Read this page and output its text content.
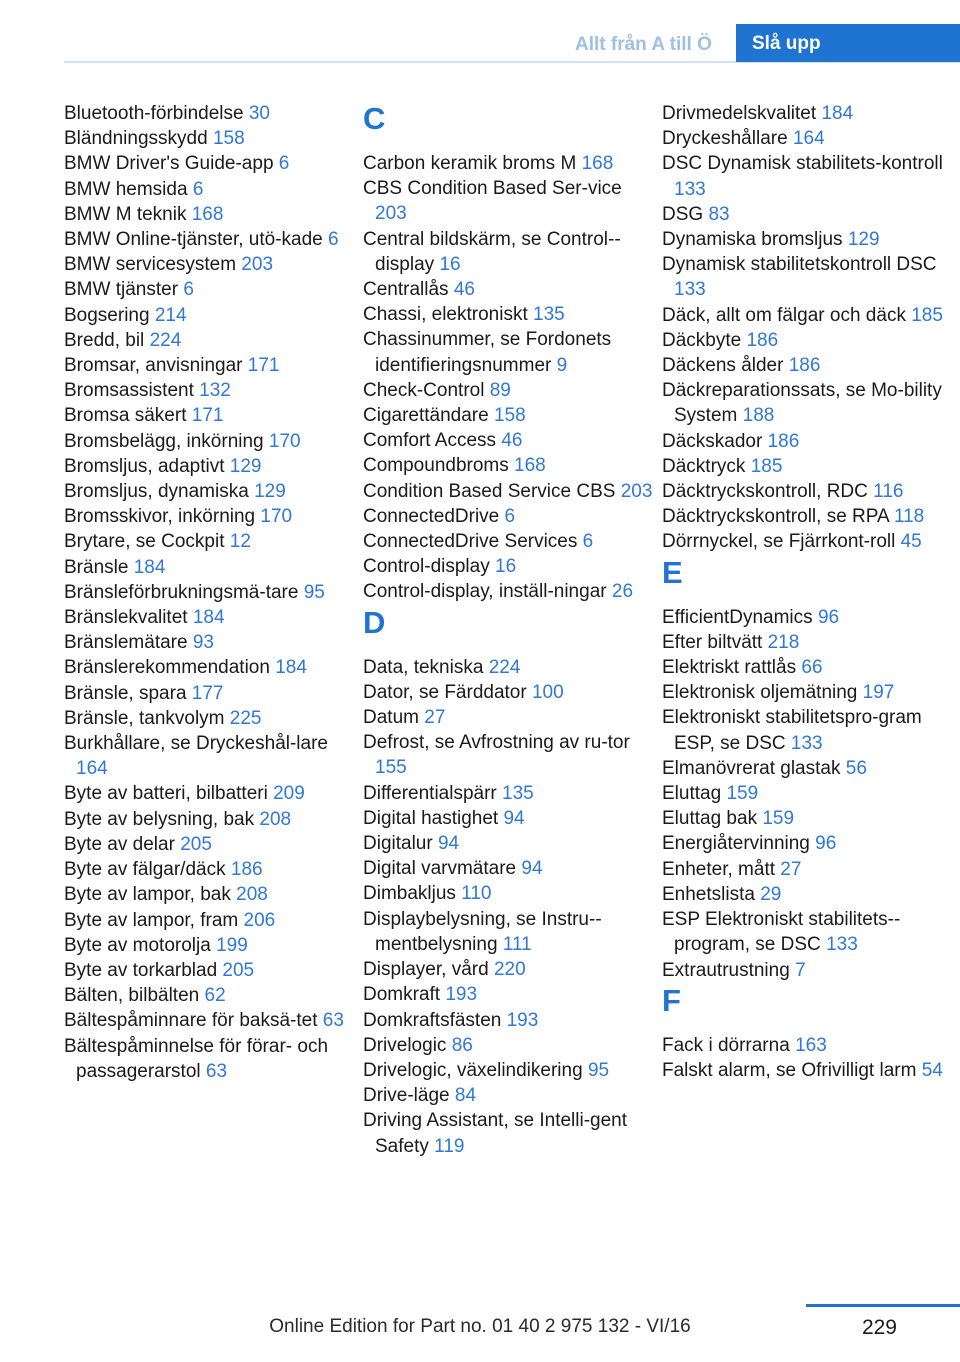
Allt från A till Ö	Slå upp
Bluetooth-förbindelse 30
Bländningsskydd 158
BMW Driver's Guide-app 6
BMW hemsida 6
BMW M teknik 168
BMW Online-tjänster, utö-kade 6
BMW servicesystem 203
BMW tjänster 6
Bogsering 214
Bredd, bil 224
Bromsar, anvisningar 171
Bromsassistent 132
Bromsa säkert 171
Bromsbelägg, inkörning 170
Bromsljus, adaptivt 129
Bromsljus, dynamiska 129
Bromsskivor, inkörning 170
Brytare, se Cockpit 12
Bränsle 184
Bränsleförbrukningsmä-tare 95
Bränslekvalitet 184
Bränslemätare 93
Bränslerekommendation 184
Bränsle, spara 177
Bränsle, tankvolym 225
Burkhållare, se Dryckeshål-lare 164
Byte av batteri, bilbatteri 209
Byte av belysning, bak 208
Byte av delar 205
Byte av fälgar/däck 186
Byte av lampor, bak 208
Byte av lampor, fram 206
Byte av motorolja 199
Byte av torkarblad 205
Bälten, bilbälten 62
Bältespåminnare för baksä-tet 63
Bältespåminnelse för förar- och passagerarstol 63
C
Carbon keramik broms M 168
CBS Condition Based Ser-vice 203
Central bildskärm, se Control-display 16
Centrallås 46
Chassi, elektroniskt 135
Chassinummer, se Fordonets identifieringsnummer 9
Check-Control 89
Cigarettändare 158
Comfort Access 46
Compoundbroms 168
Condition Based Service CBS 203
ConnectedDrive 6
ConnectedDrive Services 6
Control-display 16
Control-display, inställ-ningar 26
D
Data, tekniska 224
Dator, se Färddator 100
Datum 27
Defrost, se Avfrostning av ru-tor 155
Differentialspärr 135
Digital hastighet 94
Digitalur 94
Digital varvmätare 94
Dimbakljus 110
Displaybelysning, se Instru-mentbelysning 111
Displayer, vård 220
Domkraft 193
Domkraftsfästen 193
Drivelogic 86
Drivelogic, växelindikering 95
Drive-läge 84
Driving Assistant, se Intelli-gent Safety 119
Drivmedelskvalitet 184
Dryckeshållare 164
DSC Dynamisk stabilitets-kontroll 133
DSG 83
Dynamiska bromsljus 129
Dynamisk stabilitetskontroll DSC 133
Däck, allt om fälgar och däck 185
Däckbyte 186
Däckens ålder 186
Däckreparationssats, se Mo-bility System 188
Däckskador 186
Däcktryck 185
Däcktryckskontroll, RDC 116
Däcktryckskontroll, se RPA 118
Dörrnyckel, se Fjärrkont-roll 45
E
EfficientDynamics 96
Efter biltvätt 218
Elektriskt rattlås 66
Elektronisk oljemätning 197
Elektroniskt stabilitetspro-gram ESP, se DSC 133
Elmanövrerat glastak 56
Eluttag 159
Eluttag bak 159
Energiåtervinning 96
Enheter, mått 27
Enhetslista 29
ESP Elektroniskt stabilitets-program, se DSC 133
Extrautrustning 7
F
Fack i dörrarna 163
Falskt alarm, se Ofrivilligt larm 54
229
Online Edition for Part no. 01 40 2 975 132 - VI/16
